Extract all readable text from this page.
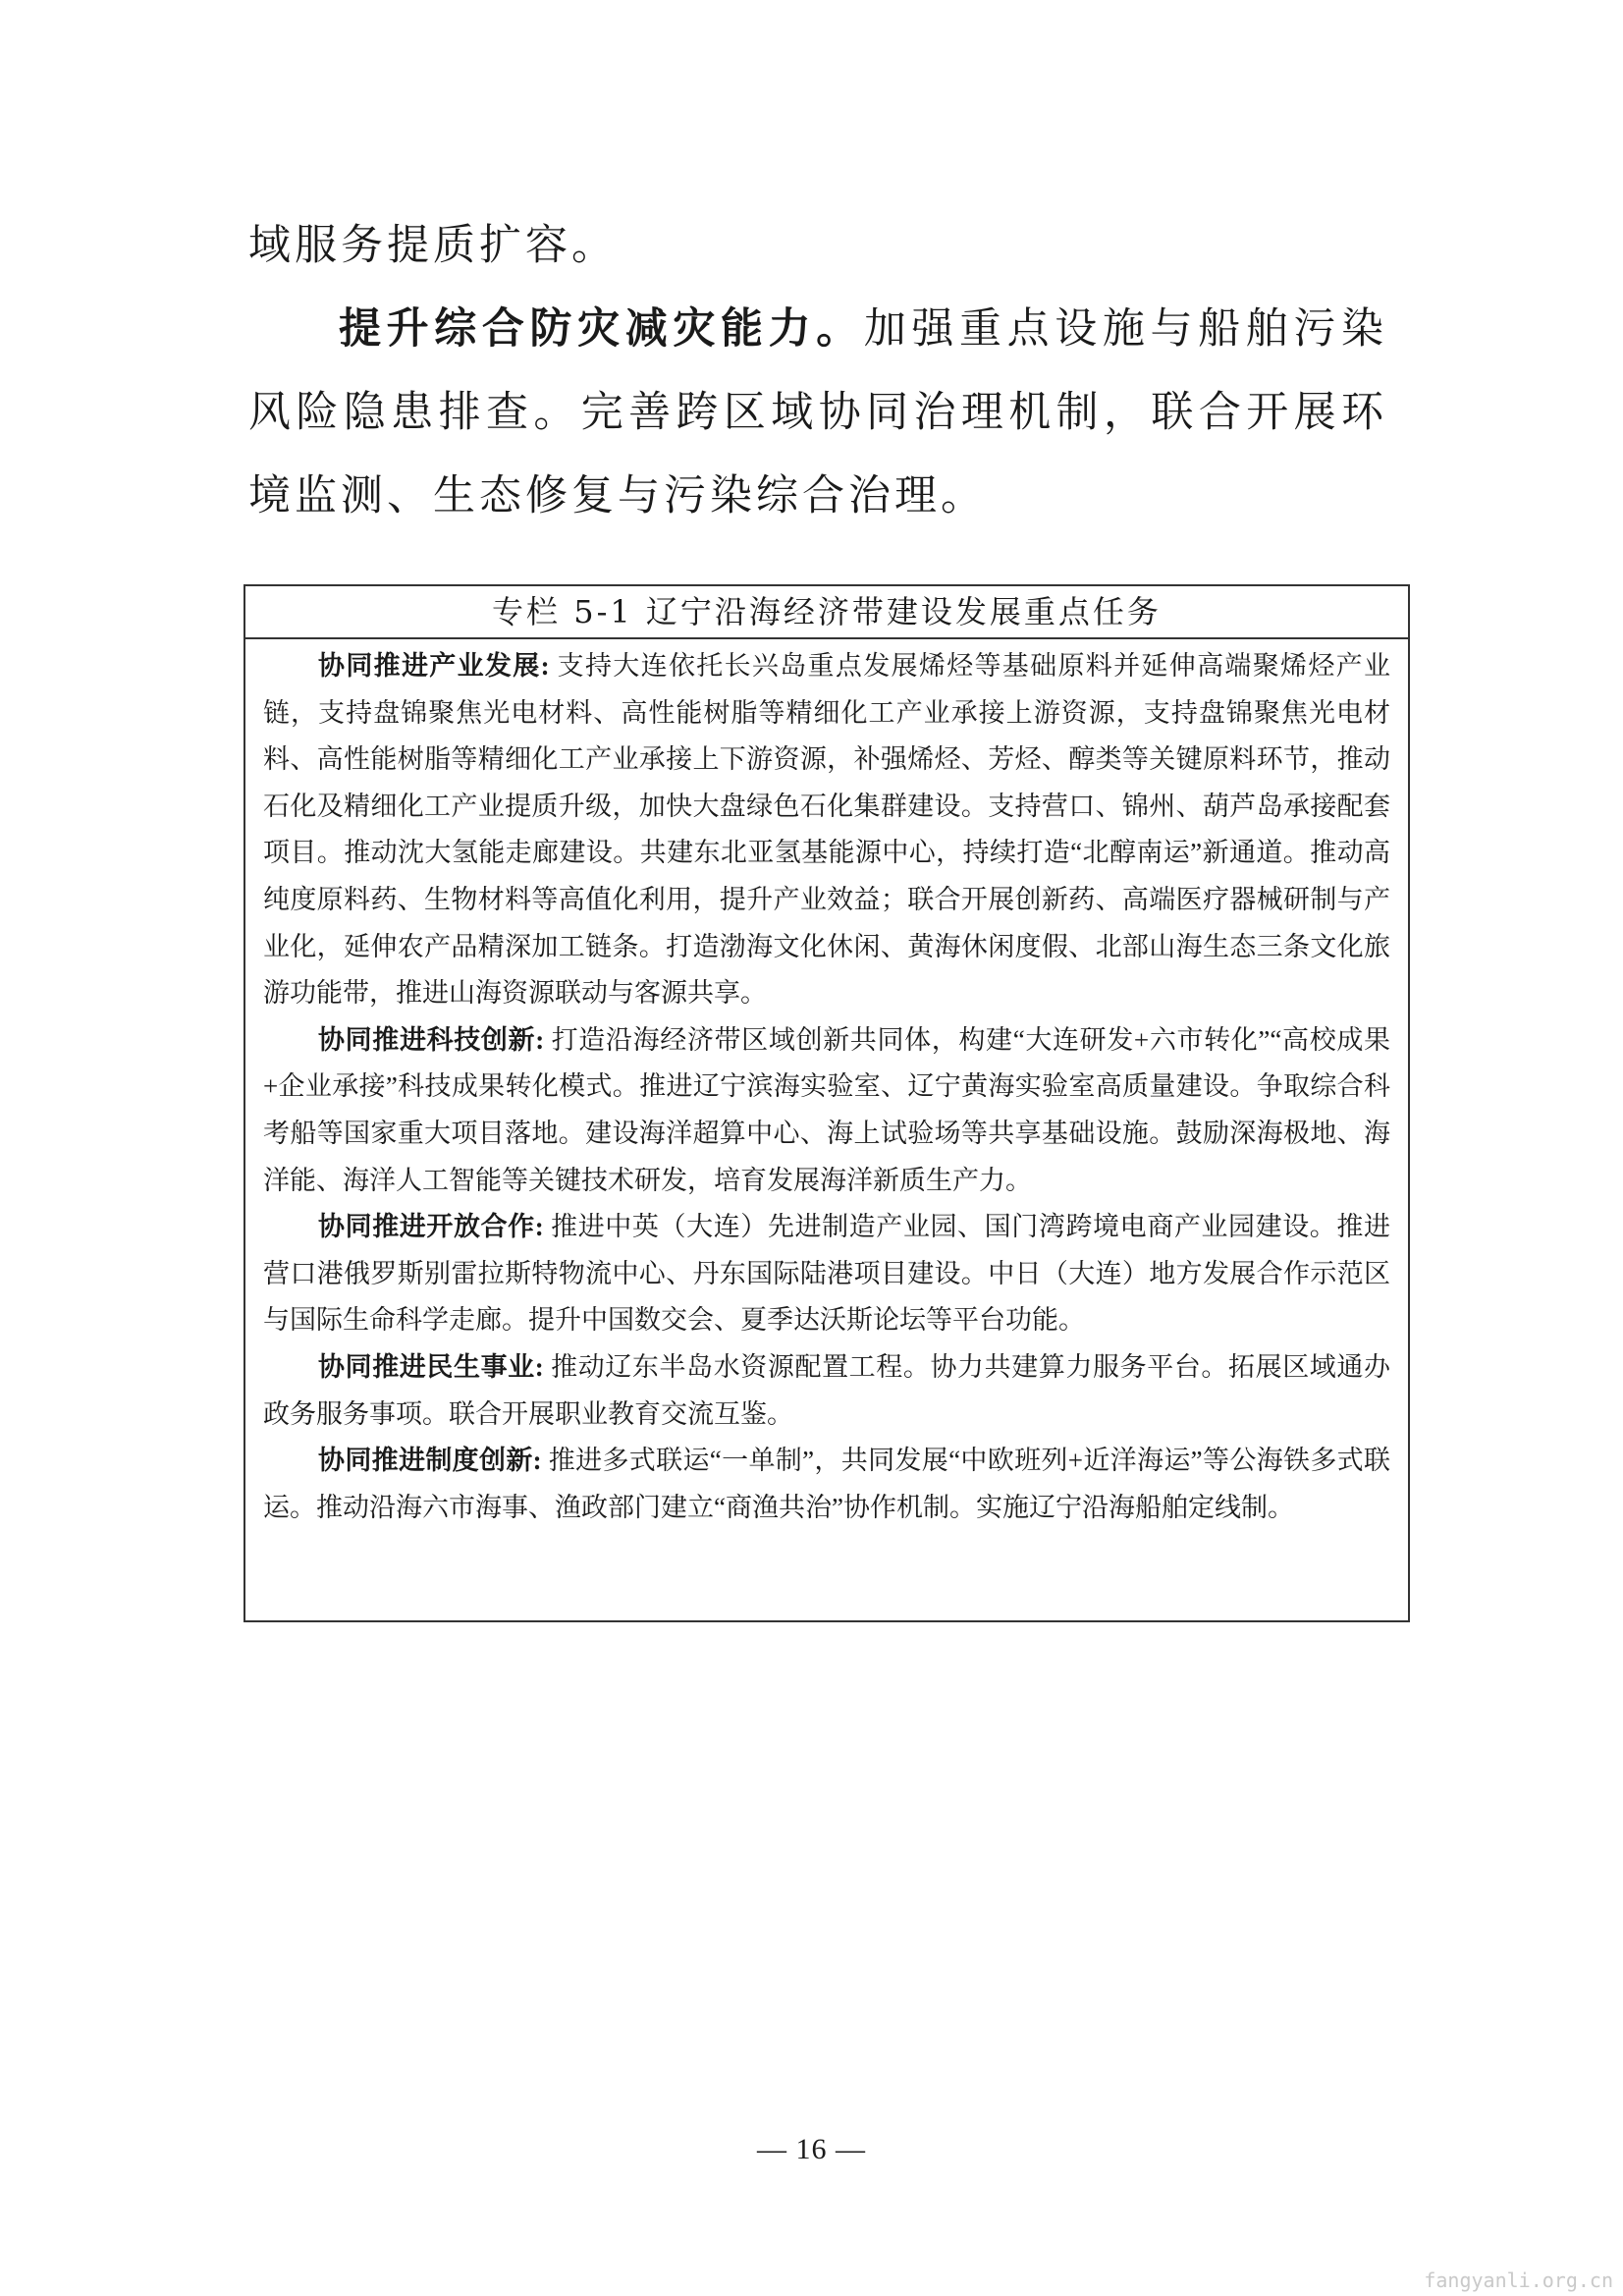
域服务提质扩容。

提升综合防灾减灾能力。加强重点设施与船舶污染风险隐患排查。完善跨区域协同治理机制，联合开展环境监测、生态修复与污染综合治理。

专栏 5-1 辽宁沿海经济带建设发展重点任务

协同推进产业发展: 支持大连依托长兴岛重点发展烯烃等基础原料并延伸高端聚烯烃产业链，支持盘锦聚焦光电材料、高性能树脂等精细化工产业承接上游资源，支持盘锦聚焦光电材料、高性能树脂等精细化工产业承接上下游资源，补强烯烃、芳烃、醇类等关键原料环节，推动石化及精细化工产业提质升级，加快大盘绿色石化集群建设。支持营口、锦州、葫芦岛承接配套项目。推动沈大氢能走廊建设。共建东北亚氢基能源中心，持续打造“北醇南运”新通道。推动高纯度原料药、生物材料等高值化利用，提升产业效益；联合开展创新药、高端医疗器械研制与产业化，延伸农产品精深加工链条。打造渤海文化休闲、黄海休闲度假、北部山海生态三条文化旅游功能带，推进山海资源联动与客源共享。

协同推进科技创新: 打造沿海经济带区域创新共同体，构建“大连研发+六市转化”“高校成果+企业承接”科技成果转化模式。推进辽宁滨海实验室、辽宁黄海实验室高质量建设。争取综合科考船等国家重大项目落地。建设海洋超算中心、海上试验场等共享基础设施。鼓励深海极地、海洋能、海洋人工智能等关键技术研发，培育发展海洋新质生产力。

协同推进开放合作: 推进中英（大连）先进制造产业园、国门湾跨境电商产业园建设。推进营口港俄罗斯别雷拉斯特物流中心、丹东国际陆港项目建设。中日（大连）地方发展合作示范区与国际生命科学走廊。提升中国数交会、夏季达沃斯论坛等平台功能。

协同推进民生事业: 推动辽东半岛水资源配置工程。协力共建算力服务平台。拓展区域通办政务服务事项。联合开展职业教育交流互鉴。

协同推进制度创新: 推进多式联运“一单制”，共同发展“中欧班列+近洋海运”等公海铁多式联运。推动沿海六市海事、渔政部门建立“商渔共治”协作机制。实施辽宁沿海船舶定线制。

— 16 —
fangyanli.org.cn
